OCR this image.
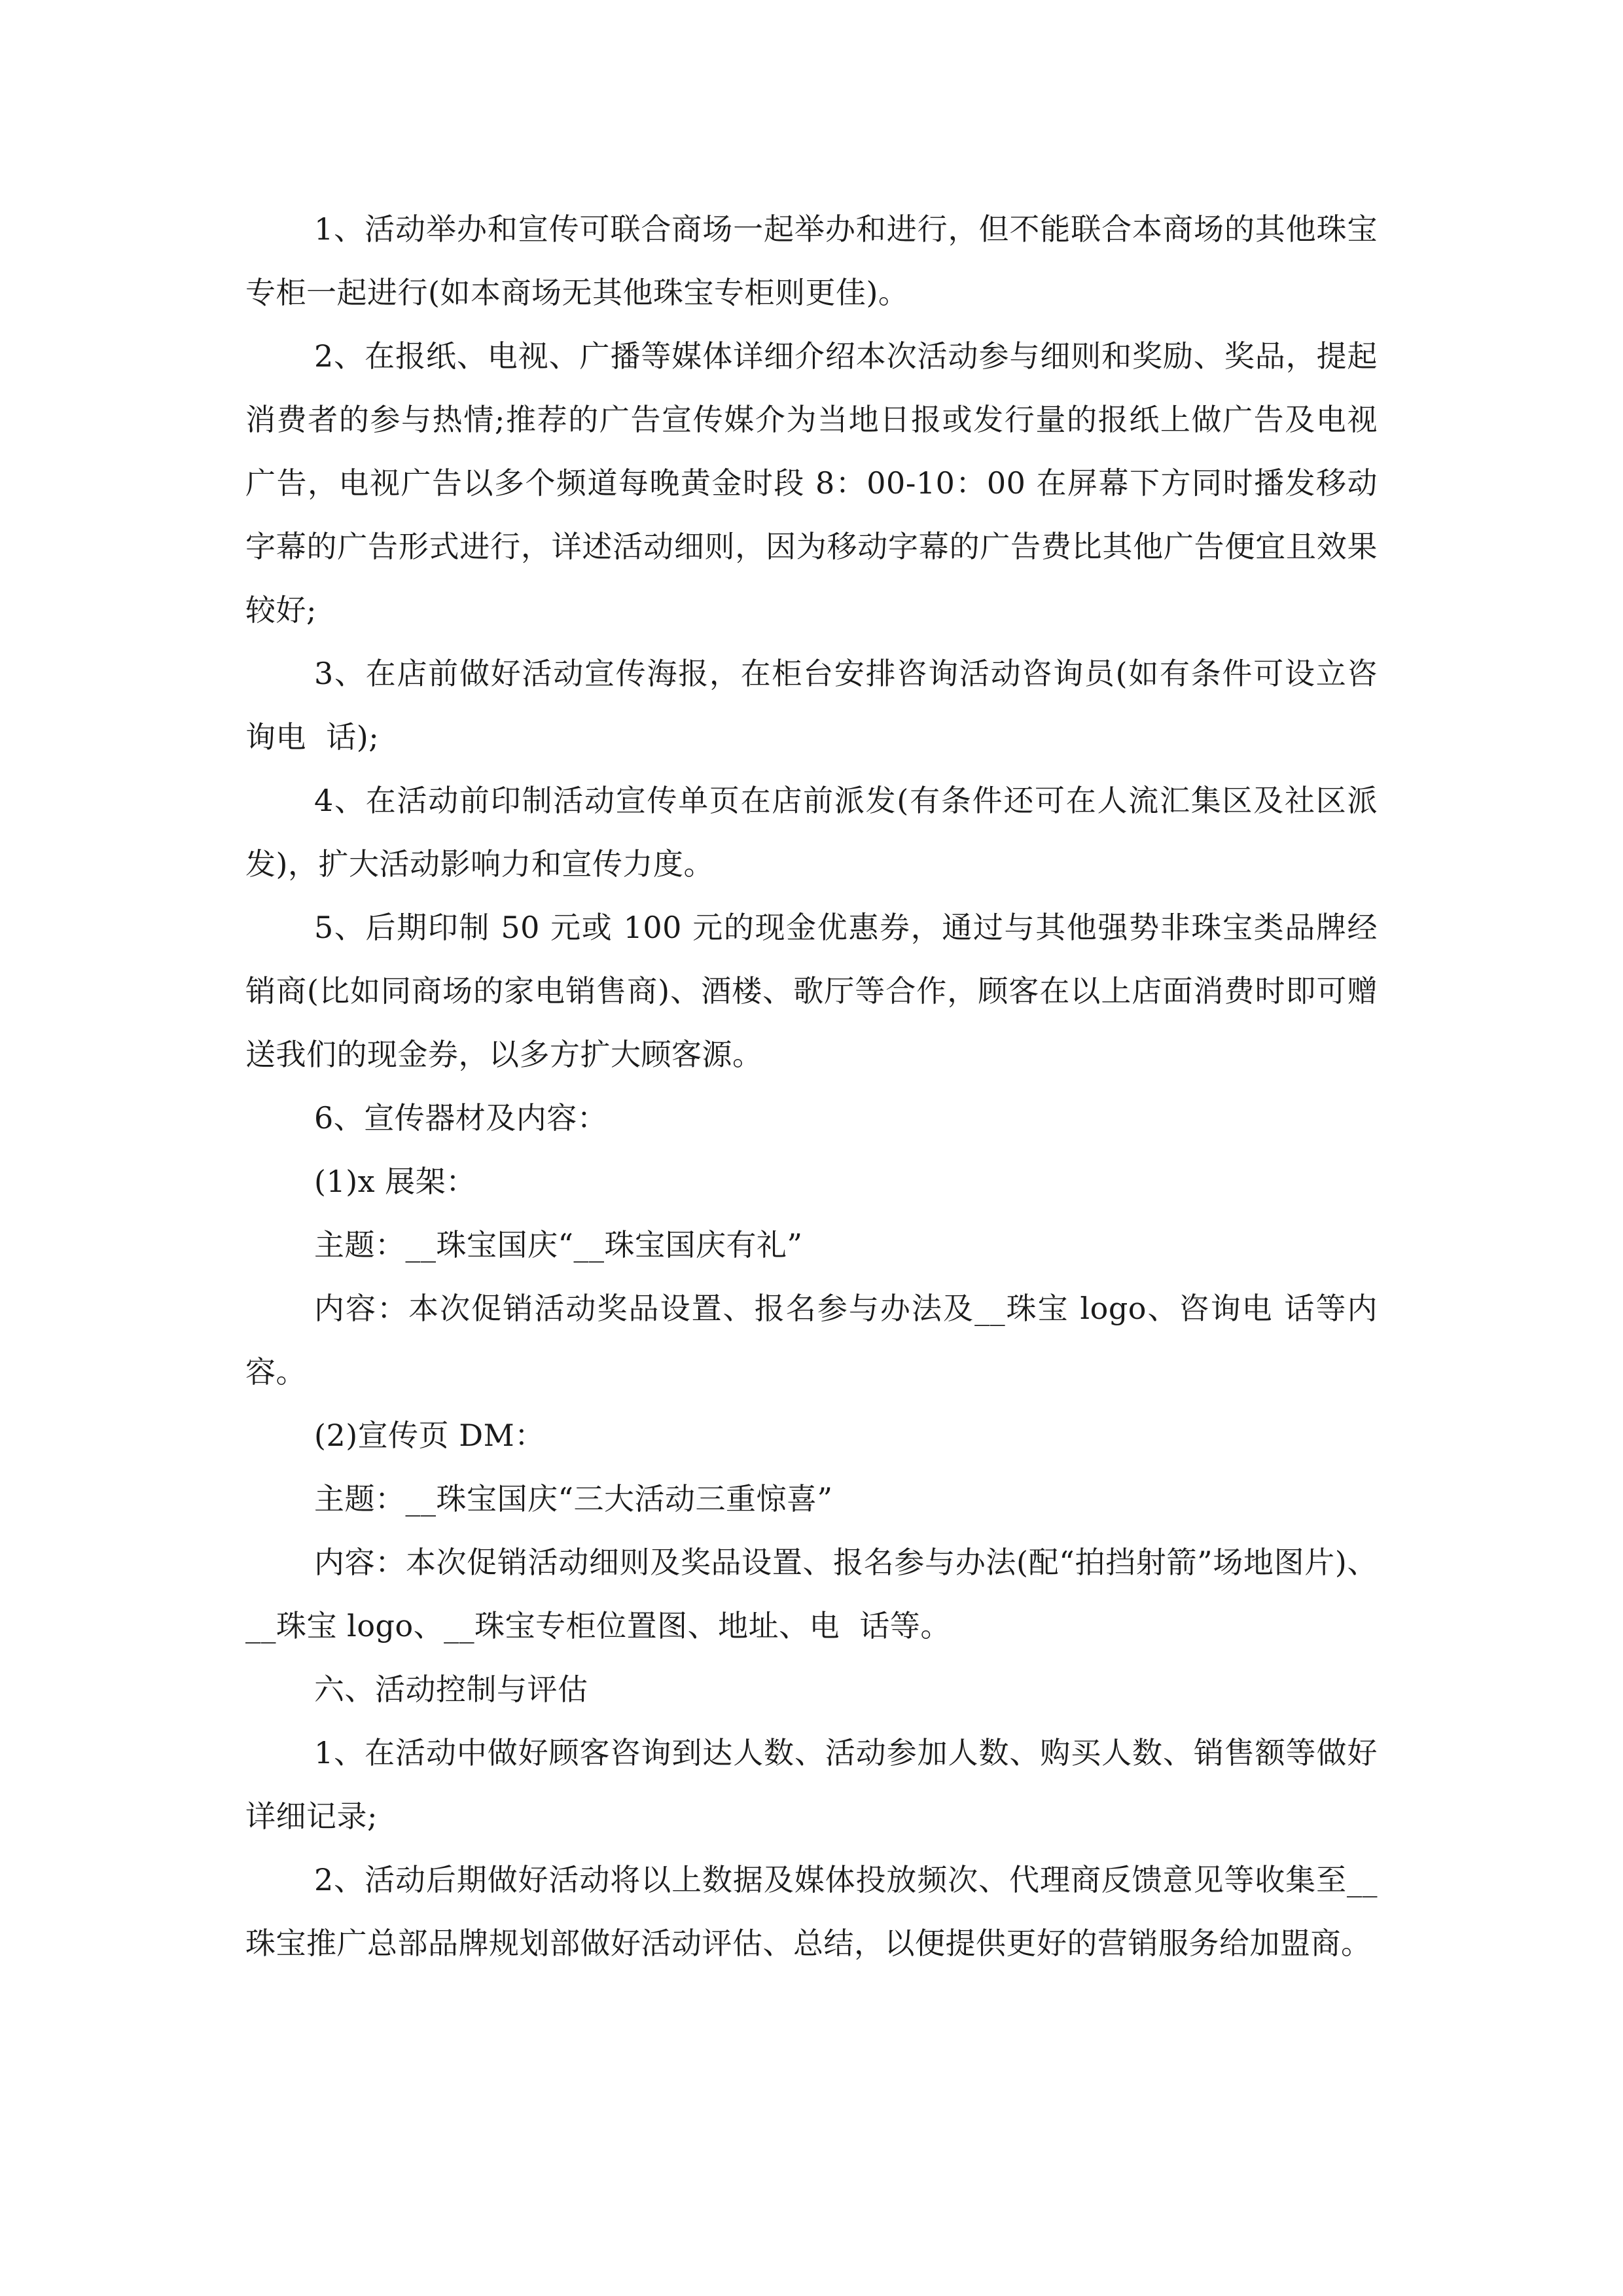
1、活动举办和宣传可联合商场一起举办和进行，但不能联合本商场的其他珠宝专柜一起进行(如本商场无其他珠宝专柜则更佳)。

2、在报纸、电视、广播等媒体详细介绍本次活动参与细则和奖励、奖品，提起消费者的参与热情;推荐的广告宣传媒介为当地日报或发行量的报纸上做广告及电视广告，电视广告以多个频道每晚黄金时段 8：00-10：00 在屏幕下方同时播发移动字幕的广告形式进行，详述活动细则，因为移动字幕的广告费比其他广告便宜且效果较好;

3、在店前做好活动宣传海报，在柜台安排咨询活动咨询员(如有条件可设立咨询电  话);

4、在活动前印制活动宣传单页在店前派发(有条件还可在人流汇集区及社区派发)，扩大活动影响力和宣传力度。

5、后期印制 50 元或 100 元的现金优惠券，通过与其他强势非珠宝类品牌经销商(比如同商场的家电销售商)、酒楼、歌厅等合作，顾客在以上店面消费时即可赠送我们的现金券，以多方扩大顾客源。

6、宣传器材及内容：

(1)x 展架：

主题：__珠宝国庆“__珠宝国庆有礼”

内容：本次促销活动奖品设置、报名参与办法及__珠宝 logo、咨询电 话等内容。

(2)宣传页 DM：

主题：__珠宝国庆“三大活动三重惊喜”

内容：本次促销活动细则及奖品设置、报名参与办法(配“拍挡射箭”场地图片)、__珠宝 logo、__珠宝专柜位置图、地址、电  话等。

六、活动控制与评估

1、在活动中做好顾客咨询到达人数、活动参加人数、购买人数、销售额等做好详细记录;

2、活动后期做好活动将以上数据及媒体投放频次、代理商反馈意见等收集至__珠宝推广总部品牌规划部做好活动评估、总结，以便提供更好的营销服务给加盟商。
